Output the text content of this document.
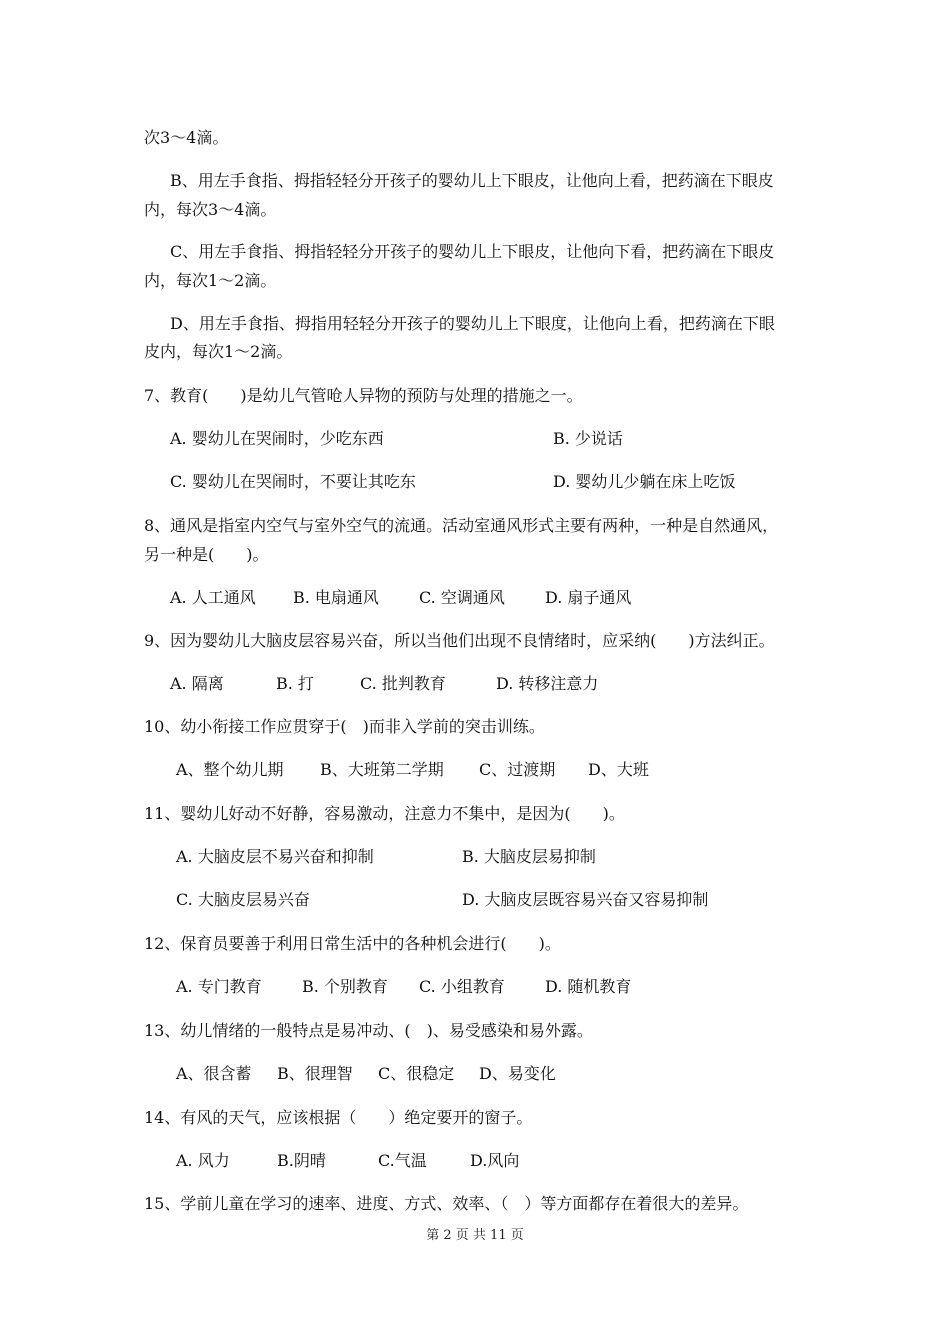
次3～4滴。
B、用左手食指、拇指轻轻分开孩子的婴幼儿上下眼皮，让他向上看，把药滴在下眼皮
内，每次3～4滴。
C、用左手食指、拇指轻轻分开孩子的婴幼儿上下眼皮，让他向下看，把药滴在下眼皮
内，每次1～2滴。
D、用左手食指、拇指用轻轻分开孩子的婴幼儿上下眼度，让他向上看，把药滴在下眼
皮内，每次1～2滴。
7、教育(　　)是幼儿气管呛人异物的预防与处理的措施之一。
A. 婴幼儿在哭闹时，少吃东西	B. 少说话
C. 婴幼儿在哭闹时，不要让其吃东	D. 婴幼儿少躺在床上吃饭
8、通风是指室内空气与室外空气的流通。活动室通风形式主要有两种，一种是自然通风，
另一种是(　　)。
A. 人工通风 B. 电扇通风	C. 空调通风	D. 扇子通风
9、因为婴幼儿大脑皮层容易兴奋，所以当他们出现不良情绪时，应采纳(　　)方法纠正。
A. 隔离	B. 打	C. 批判教育	D. 转移注意力
10、幼小衔接工作应贯穿于(　)而非入学前的突击训练。
A、整个幼儿期 B、大班第二学期 C、过渡期 D、大班
11、婴幼儿好动不好静，容易激动，注意力不集中，是因为(　　)。
A. 大脑皮层不易兴奋和抑制	B. 大脑皮层易抑制
C. 大脑皮层易兴奋	D. 大脑皮层既容易兴奋又容易抑制
12、保育员要善于利用日常生活中的各种机会进行(　　)。
A. 专门教育	B. 个别教育 C. 小组教育	D. 随机教育
13、幼儿情绪的一般特点是易冲动、(　)、易受感染和易外露。
A、很含蓄 B、很理智 C、很稳定 D、易变化
14、有风的天气，应该根据（　　）绝定要开的窗子。
A. 风力	B.阴晴	C.气温	D.风向
15、学前儿童在学习的速率、进度、方式、效率、（　）等方面都存在着很大的差异。
第 2 页 共 11 页
